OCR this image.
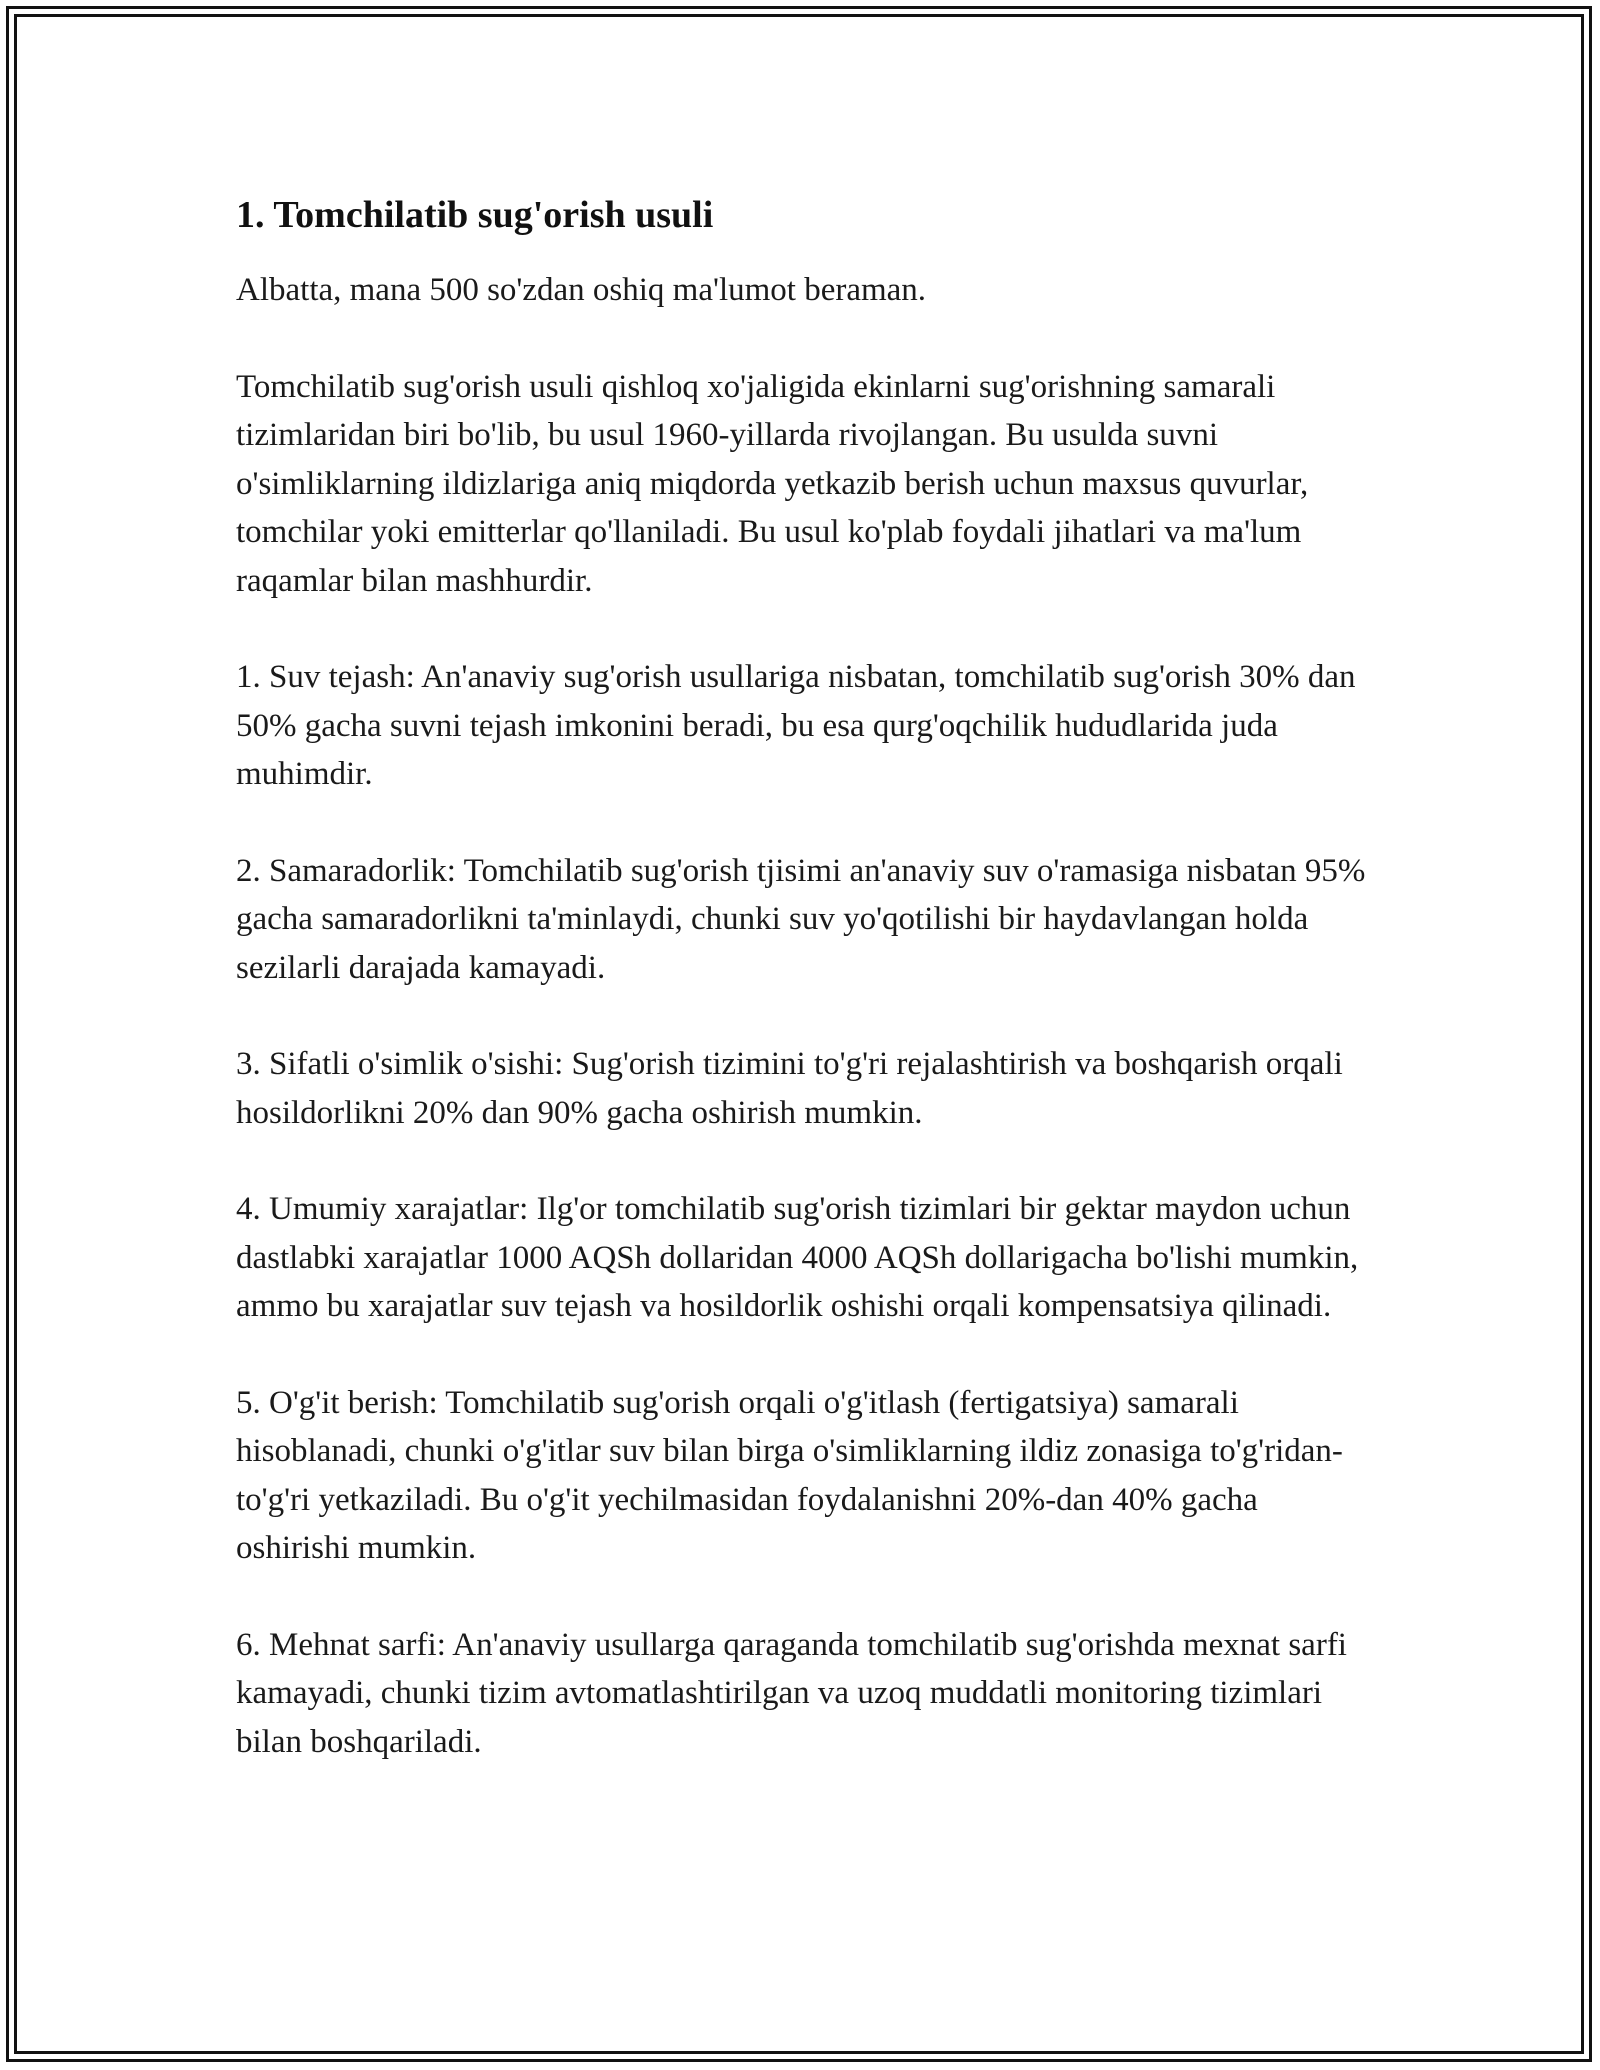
1. Tomchilatib sug'orish usuli

Albatta, mana 500 so'zdan oshiq ma'lumot beraman.

Tomchilatib sug'orish usuli qishloq xo'jaligida ekinlarni sug'orishning samarali tizimlaridan biri bo'lib, bu usul 1960-yillarda rivojlangan. Bu usulda suvni o'simliklarning ildizlariga aniq miqdorda yetkazib berish uchun maxsus quvurlar, tomchilar yoki emitterlar qo'llaniladi. Bu usul ko'plab foydali jihatlari va ma'lum raqamlar bilan mashhurdir.

1. Suv tejash: An'anaviy sug'orish usullariga nisbatan, tomchilatib sug'orish 30% dan 50% gacha suvni tejash imkonini beradi, bu esa qurg'oqchilik hududlarida juda muhimdir.

2. Samaradorlik: Tomchilatib sug'orish tjisimi an'anaviy suv o'ramasiga nisbatan 95% gacha samaradorlikni ta'minlaydi, chunki suv yo'qotilishi bir haydavlangan holda sezilarli darajada kamayadi.

3. Sifatli o'simlik o'sishi: Sug'orish tizimini to'g'ri rejalashtirish va boshqarish orqali hosildorlikni 20% dan 90% gacha oshirish mumkin.

4. Umumiy xarajatlar: Ilg'or tomchilatib sug'orish tizimlari bir gektar maydon uchun dastlabki xarajatlar 1000 AQSh dollaridan 4000 AQSh dollarigacha bo'lishi mumkin, ammo bu xarajatlar suv tejash va hosildorlik oshishi orqali kompensatsiya qilinadi.

5. O'g'it berish: Tomchilatib sug'orish orqali o'g'itlash (fertigatsiya) samarali hisoblanadi, chunki o'g'itlar suv bilan birga o'simliklarning ildiz zonasiga to'g'ridan-to'g'ri yetkaziladi. Bu o'g'it yechilmasidan foydalanishni 20%-dan 40% gacha oshirishi mumkin.

6. Mehnat sarfi: An'anaviy usullarga qaraganda tomchilatib sug'orishda mexnat sarfi kamayadi, chunki tizim avtomatlashtirilgan va uzoq muddatli monitoring tizimlari bilan boshqariladi.
